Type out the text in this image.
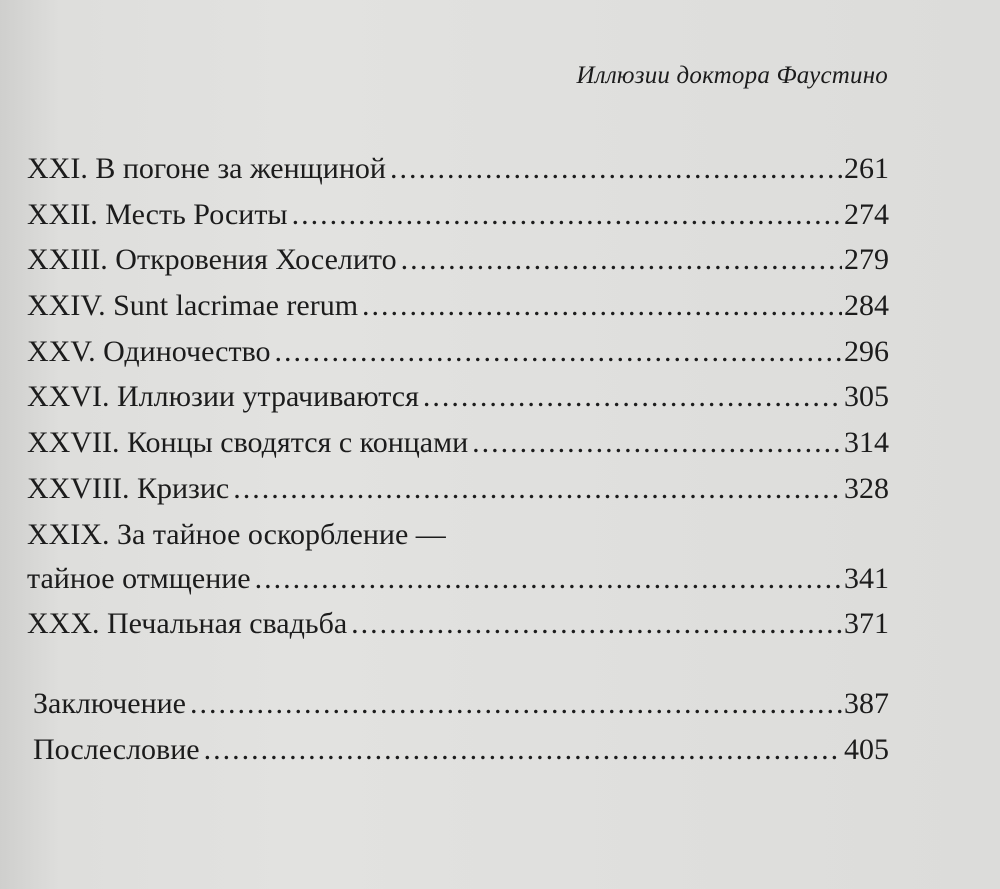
Иллюзии доктора Фаустино
XXI. В погоне за женщиной .....	261
XXII. Месть Роситы .....	274
XXIII. Откровения Хоселито .....	279
XXIV. Sunt lacrimae rerum .....	284
XXV. Одиночество .....	296
XXVI. Иллюзии утрачиваются .....	305
XXVII. Концы сводятся с концами .....	314
XXVIII. Кризис .....	328
XXIX. За тайное оскорбление —
тайное отмщение .....	341
XXX. Печальная свадьба .....	371
Заключение .....	387
Послесловие .....	405
